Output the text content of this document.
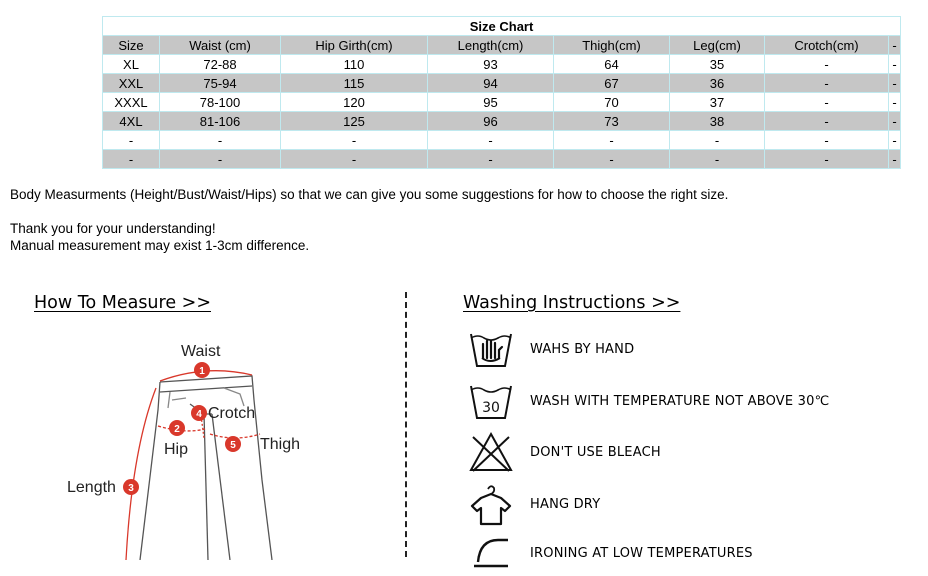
Size Chart							
Size	Waist (cm)	Hip Girth(cm)	Length(cm)	Thigh(cm)	Leg(cm)	Crotch(cm)	-
XL	72-88	110	93	64	35	-	-
XXL	75-94	115	94	67	36	-	-
XXXL	78-100	120	95	70	37	-	-
4XL	81-106	125	96	73	38	-	-
-	-	-	-	-	-	-	-
-	-	-	-	-	-	-	-

Body Measurments (Height/Bust/Waist/Hips) so that we can give you some suggestions for how to choose the right size.

Thank you for your understanding!

Manual measurement may exist 1-3cm difference.

How To Measure >>
1
2
3
4
5
Waist
Crotch
Hip	Thigh
Length
Washing Instructions >>
WAHS BY HAND
30 WASH WITH TEMPERATURE NOT ABOVE 30℃
DON'T USE BLEACH
HANG DRY
IRONING AT LOW TEMPERATURES
